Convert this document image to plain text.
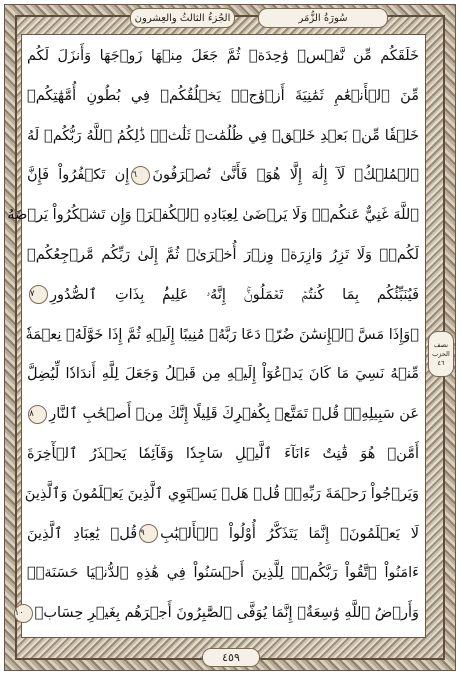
الجُزءُ الثالثُ والعِشرون	سُورَةُ الزُّمَر
خَلَقَكُم مِّن نَّفۡسٖ وَٰحِدَةٖ ثُمَّ جَعَلَ مِنۡهَا زَوۡجَهَا وَأَنزَلَ لَكُم
مِّنَ ٱلۡأَنۡعَٰمِ ثَمَٰنِيَةَ أَزۡوَٰجٖۚ يَخۡلُقُكُمۡ فِي بُطُونِ أُمَّهَٰتِكُمۡ
خَلۡقٗا مِّنۢ بَعۡدِ خَلۡقٖ فِي ظُلُمَٰتٖ ثَلَٰثٖۚ ذَٰلِكُمُ ٱللَّهُ رَبُّكُمۡ لَهُ
ٱلۡمُلۡكُۖ لَآ إِلَٰهَ إِلَّا هُوَۖ فَأَنَّىٰ تُصۡرَفُونَ٦إِن تَكۡفُرُواْ فَإِنَّ
ٱللَّهَ غَنِيٌّ عَنكُمۡۖ وَلَا يَرۡضَىٰ لِعِبَادِهِ ٱلۡكُفۡرَۖ وَإِن تَشۡكُرُواْ يَرۡضَهُ
لَكُمۡۗ وَلَا تَزِرُ وَازِرَةٞ وِزۡرَ أُخۡرَىٰۗ ثُمَّ إِلَىٰ رَبِّكُم مَّرۡجِعُكُمۡ
فَيُنَبِّئُكُم بِمَا كُنتُمۡ تَعۡمَلُونَۚ إِنَّهُۥ عَلِيمُۢ بِذَاتِ ٱلصُّدُورِ٧
۞وَإِذَا مَسَّ ٱلۡإِنسَٰنَ ضُرّٞ دَعَا رَبَّهُۥ مُنِيبًا إِلَيۡهِ ثُمَّ إِذَا خَوَّلَهُۥ نِعۡمَةٗ
مِّنۡهُ نَسِيَ مَا كَانَ يَدۡعُوٓاْ إِلَيۡهِ مِن قَبۡلُ وَجَعَلَ لِلَّهِ أَندَادٗا لِّيُضِلَّ
عَن سَبِيلِهِۦۚ قُلۡ تَمَتَّعۡ بِكُفۡرِكَ قَلِيلًا إِنَّكَ مِنۡ أَصۡحَٰبِ ٱلنَّارِ٨
أَمَّنۡ هُوَ قَٰنِتٌ ءَانَآءَ ٱلَّيۡلِ سَاجِدٗا وَقَآئِمٗا يَحۡذَرُ ٱلۡأٓخِرَةَ
وَيَرۡجُواْ رَحۡمَةَ رَبِّهِۦۗ قُلۡ هَلۡ يَسۡتَوِي ٱلَّذِينَ يَعۡلَمُونَ وَٱلَّذِينَ
لَا يَعۡلَمُونَۗ إِنَّمَا يَتَذَكَّرُ أُوْلُواْ ٱلۡأَلۡبَٰبِ٩قُلۡ يَٰعِبَادِ ٱلَّذِينَ
ءَامَنُواْ ٱتَّقُواْ رَبَّكُمۡۚ لِلَّذِينَ أَحۡسَنُواْ فِي هَٰذِهِ ٱلدُّنۡيَا حَسَنَةٞۗ
وَأَرۡضُ ٱللَّهِ وَٰسِعَةٌۗ إِنَّمَا يُوَفَّى ٱلصَّٰبِرُونَ أَجۡرَهُم بِغَيۡرِ حِسَابٖ١٠
نصف
الحزب
٤٦
٤٥٩
